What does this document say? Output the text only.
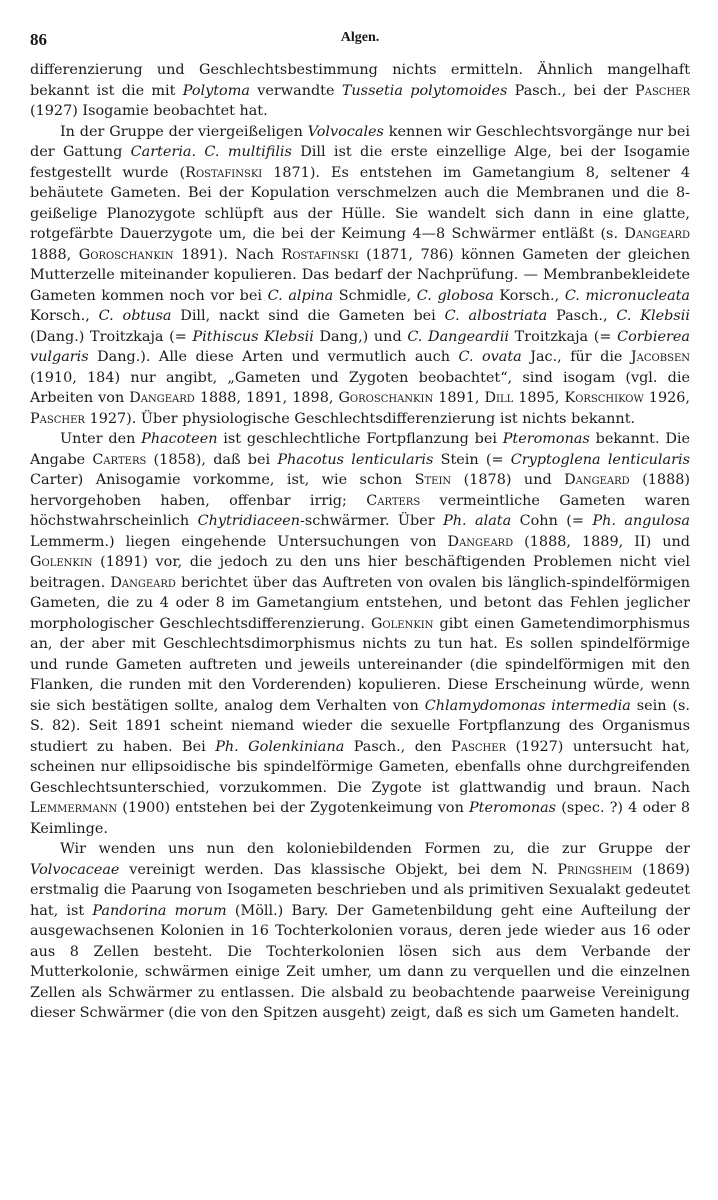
86	Algen.

differenzierung und Geschlechtsbestimmung nichts ermitteln. Ähnlich mangelhaft bekannt ist die mit Polytoma verwandte Tussetia polytomoides Pasch., bei der Pascher (1927) Isogamie beobachtet hat.

In der Gruppe der viergeißeligen Volvocales kennen wir Geschlechtsvorgänge nur bei der Gattung Carteria. C. multifilis Dill ist die erste einzellige Alge, bei der Isogamie festgestellt wurde (Rostafinski 1871). Es entstehen im Gametangium 8, seltener 4 behäutete Gameten. Bei der Kopulation verschmelzen auch die Membranen und die 8-geißelige Planozygote schlüpft aus der Hülle. Sie wandelt sich dann in eine glatte, rotgefärbte Dauerzygote um, die bei der Keimung 4—8 Schwärmer entläßt (s. Dangeard 1888, Goroschankin 1891). Nach Rostafinski (1871, 786) können Gameten der gleichen Mutterzelle miteinander kopulieren. Das bedarf der Nachprüfung. — Membranbekleidete Gameten kommen noch vor bei C. alpina Schmidle, C. globosa Korsch., C. micronucleata Korsch., C. obtusa Dill, nackt sind die Gameten bei C. albostriata Pasch., C. Klebsii (Dang.) Troitzkaja (= Pithiscus Klebsii Dang,) und C. Dangeardii Troitzkaja (= Corbierea vulgaris Dang.). Alle diese Arten und vermutlich auch C. ovata Jac., für die Jacobsen (1910, 184) nur angibt, „Gameten und Zygoten beobachtet“, sind isogam (vgl. die Arbeiten von Dangeard 1888, 1891, 1898, Goroschankin 1891, Dill 1895, Korschikow 1926, Pascher 1927). Über physiologische Geschlechtsdifferenzierung ist nichts bekannt.

Unter den Phacoteen ist geschlechtliche Fortpflanzung bei Pteromonas bekannt. Die Angabe Carters (1858), daß bei Phacotus lenticularis Stein (= Cryptoglena lenticularis Carter) Anisogamie vorkomme, ist, wie schon Stein (1878) und Dangeard (1888) hervorgehoben haben, offenbar irrig; Carters vermeintliche Gameten waren höchstwahrscheinlich Chytridiaceen-schwärmer. Über Ph. alata Cohn (= Ph. angulosa Lemmerm.) liegen eingehende Untersuchungen von Dangeard (1888, 1889, II) und Golenkin (1891) vor, die jedoch zu den uns hier beschäftigenden Problemen nicht viel beitragen. Dangeard berichtet über das Auftreten von ovalen bis länglich-spindelförmigen Gameten, die zu 4 oder 8 im Gametangium entstehen, und betont das Fehlen jeglicher morphologischer Geschlechtsdifferenzierung. Golenkin gibt einen Gametendimorphismus an, der aber mit Geschlechtsdimorphismus nichts zu tun hat. Es sollen spindelförmige und runde Gameten auftreten und jeweils untereinander (die spindelförmigen mit den Flanken, die runden mit den Vorderenden) kopulieren. Diese Erscheinung würde, wenn sie sich bestätigen sollte, analog dem Verhalten von Chlamydomonas intermedia sein (s. S. 82). Seit 1891 scheint niemand wieder die sexuelle Fortpflanzung des Organismus studiert zu haben. Bei Ph. Golenkiniana Pasch., den Pascher (1927) untersucht hat, scheinen nur ellipsoidische bis spindelförmige Gameten, ebenfalls ohne durchgreifenden Geschlechtsunterschied, vorzukommen. Die Zygote ist glattwandig und braun. Nach Lemmermann (1900) entstehen bei der Zygotenkeimung von Pteromonas (spec. ?) 4 oder 8 Keimlinge.

Wir wenden uns nun den koloniebildenden Formen zu, die zur Gruppe der Volvocaceae vereinigt werden. Das klassische Objekt, bei dem N. Pringsheim (1869) erstmalig die Paarung von Isogameten beschrieben und als primitiven Sexualakt gedeutet hat, ist Pandorina morum (Möll.) Bary. Der Gametenbildung geht eine Aufteilung der ausgewachsenen Kolonien in 16 Tochterkolonien voraus, deren jede wieder aus 16 oder aus 8 Zellen besteht. Die Tochterkolonien lösen sich aus dem Verbande der Mutterkolonie, schwärmen einige Zeit umher, um dann zu verquellen und die einzelnen Zellen als Schwärmer zu entlassen. Die alsbald zu beobachtende paarweise Vereinigung dieser Schwärmer (die von den Spitzen ausgeht) zeigt, daß es sich um Gameten handelt.
